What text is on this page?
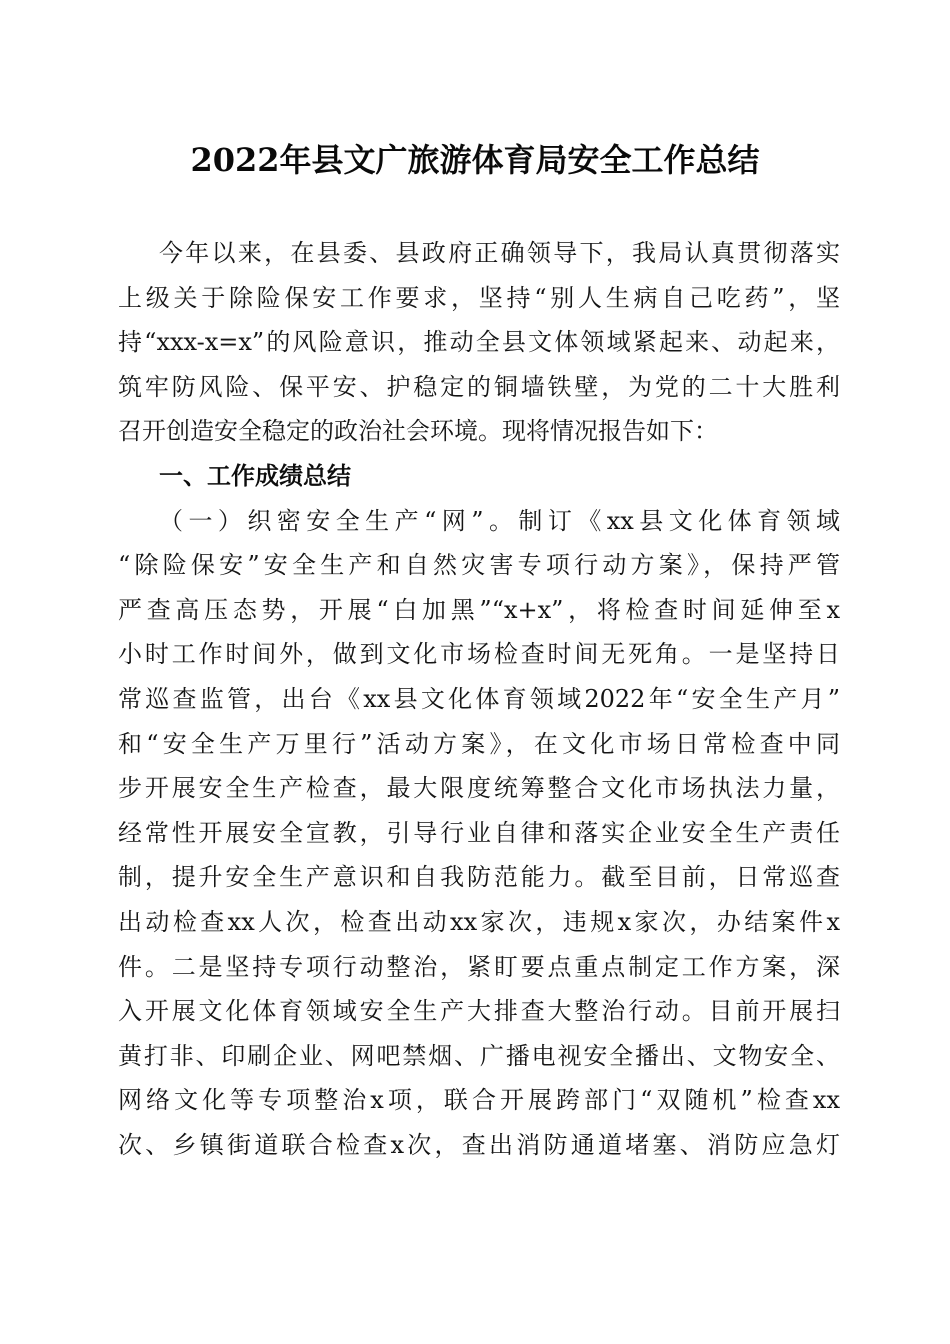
2022年县文广旅游体育局安全工作总结
今年以来，在县委、县政府正确领导下，我局认真贯彻落实
上级关于除险保安工作要求，坚持“别人生病自己吃药”，坚
持“xxx-x=x”的风险意识，推动全县文体领域紧起来、动起来，
筑牢防风险、保平安、护稳定的铜墙铁壁，为党的二十大胜利
召开创造安全稳定的政治社会环境。现将情况报告如下：
一、工作成绩总结
（一）织密安全生产“网”。制订《xx县文化体育领域
“除险保安”安全生产和自然灾害专项行动方案》，保持严管
严查高压态势，开展“白加黑”“x+x”，将检查时间延伸至x
小时工作时间外，做到文化市场检查时间无死角。一是坚持日
常巡查监管，出台《xx县文化体育领域2022年“安全生产月”
和“安全生产万里行”活动方案》，在文化市场日常检查中同
步开展安全生产检查，最大限度统筹整合文化市场执法力量，
经常性开展安全宣教，引导行业自律和落实企业安全生产责任
制，提升安全生产意识和自我防范能力。截至目前，日常巡查
出动检查xx人次，检查出动xx家次，违规x家次，办结案件x
件。二是坚持专项行动整治，紧盯要点重点制定工作方案，深
入开展文化体育领域安全生产大排查大整治行动。目前开展扫
黄打非、印刷企业、网吧禁烟、广播电视安全播出、文物安全、
网络文化等专项整治x项，联合开展跨部门“双随机”检查xx
次、乡镇街道联合检查x次，查出消防通道堵塞、消防应急灯
